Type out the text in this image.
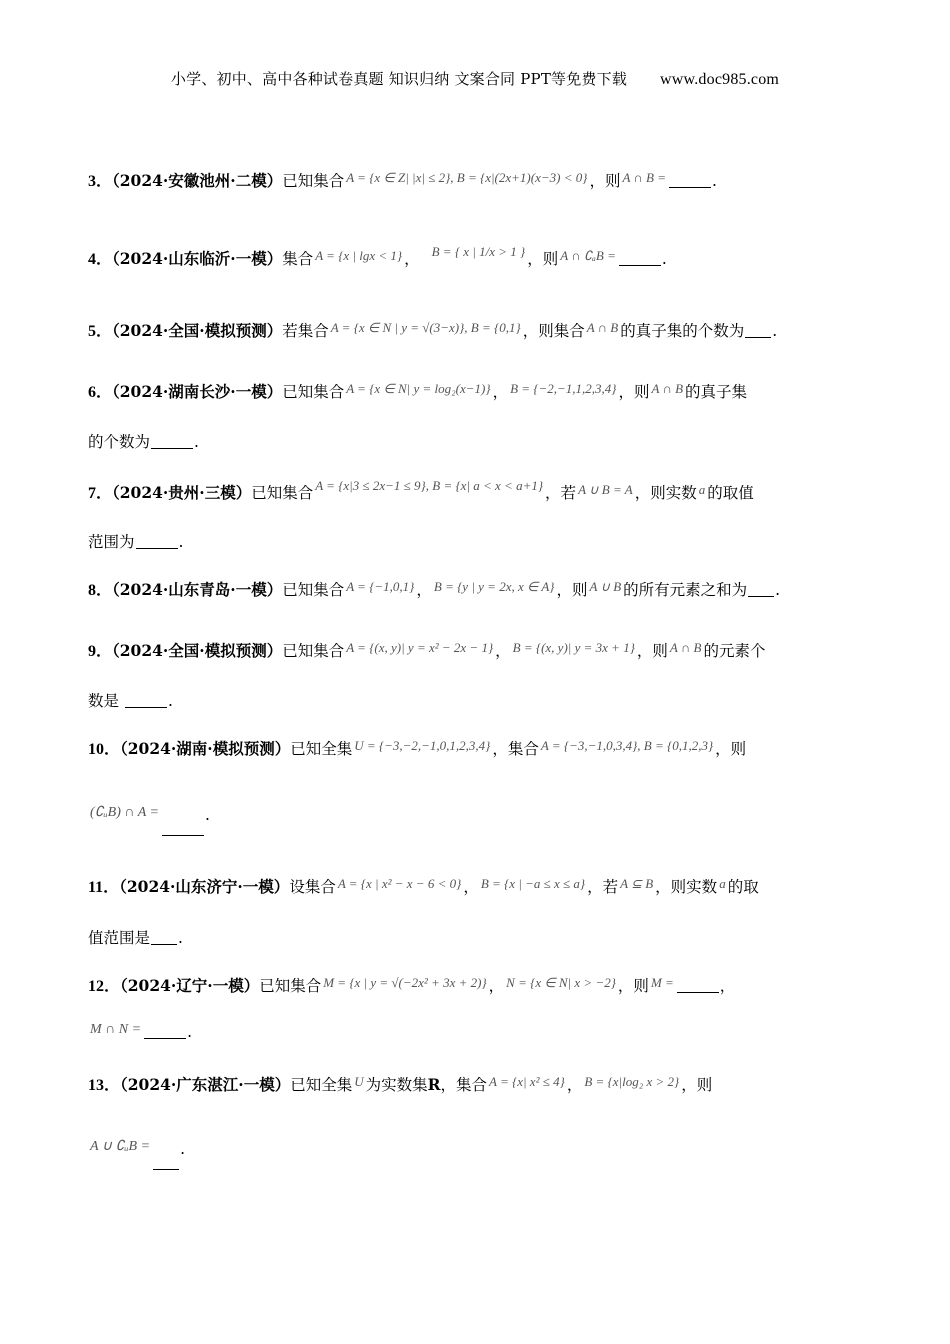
小学、初中、高中各种试卷真题 知识归纳 文案合同 PPT等免费下载 www.doc985.com
3．（2024·安徽池州·二模）已知集合 A = {x ∈ Z| |x| ≤ 2}, B = {x|(2x+1)(x−3) < 0} ，则 A ∩ B =	.
4．（2024·山东临沂·一模）集合 A = {x | lgx < 1} ， B = { x | 1/x > 1 } ，则 A ∩ ∁ₐB =	.
5．（2024·全国·模拟预测）若集合 A = {x ∈ N | y = √(3−x)}, B = {0,1} ，则集合 A ∩ B 的真子集的个数为 .
6．（2024·湖南长沙·一模）已知集合 A = {x ∈ N| y = log₂(x−1)} ， B = {−2,−1,1,2,3,4} ，则 A ∩ B 的真子集
的个数为	.
7．（2024·贵州·三模）已知集合 A = {x|3 ≤ 2x−1 ≤ 9}, B = {x| a < x < a+1} ，若 A ∪ B = A ，则实数 a 的取值
范围为	.
8．（2024·山东青岛·一模）已知集合 A = {−1,0,1} ， B = {y | y = 2x, x ∈ A} ，则 A ∪ B 的所有元素之和为 .
9．（2024·全国·模拟预测）已知集合 A = {(x, y)| y = x² − 2x − 1} ， B = {(x, y)| y = 3x + 1} ，则 A ∩ B 的元素个
数是	.
10．（2024·湖南·模拟预测）已知全集 U = {−3,−2,−1,0,1,2,3,4} ，集合 A = {−3,−1,0,3,4}, B = {0,1,2,3} ，则
(∁ᵤB) ∩ A =	.
11．（2024·山东济宁·一模）设集合 A = {x | x² − x − 6 < 0} ， B = {x | −a ≤ x ≤ a} ，若 A ⊆ B ，则实数 a 的取
值范围是 .
12．（2024·辽宁·一模）已知集合 M = {x | y = √(−2x² + 3x + 2)} ， N = {x ∈ N| x > −2} ，则 M =	，
M ∩ N =	.
13．（2024·广东湛江·一模）已知全集 U 为实数集R，集合 A = {x| x² ≤ 4} ， B = {x|log₂ x > 2} ，则
A ∪ ∁ᵤB = .
